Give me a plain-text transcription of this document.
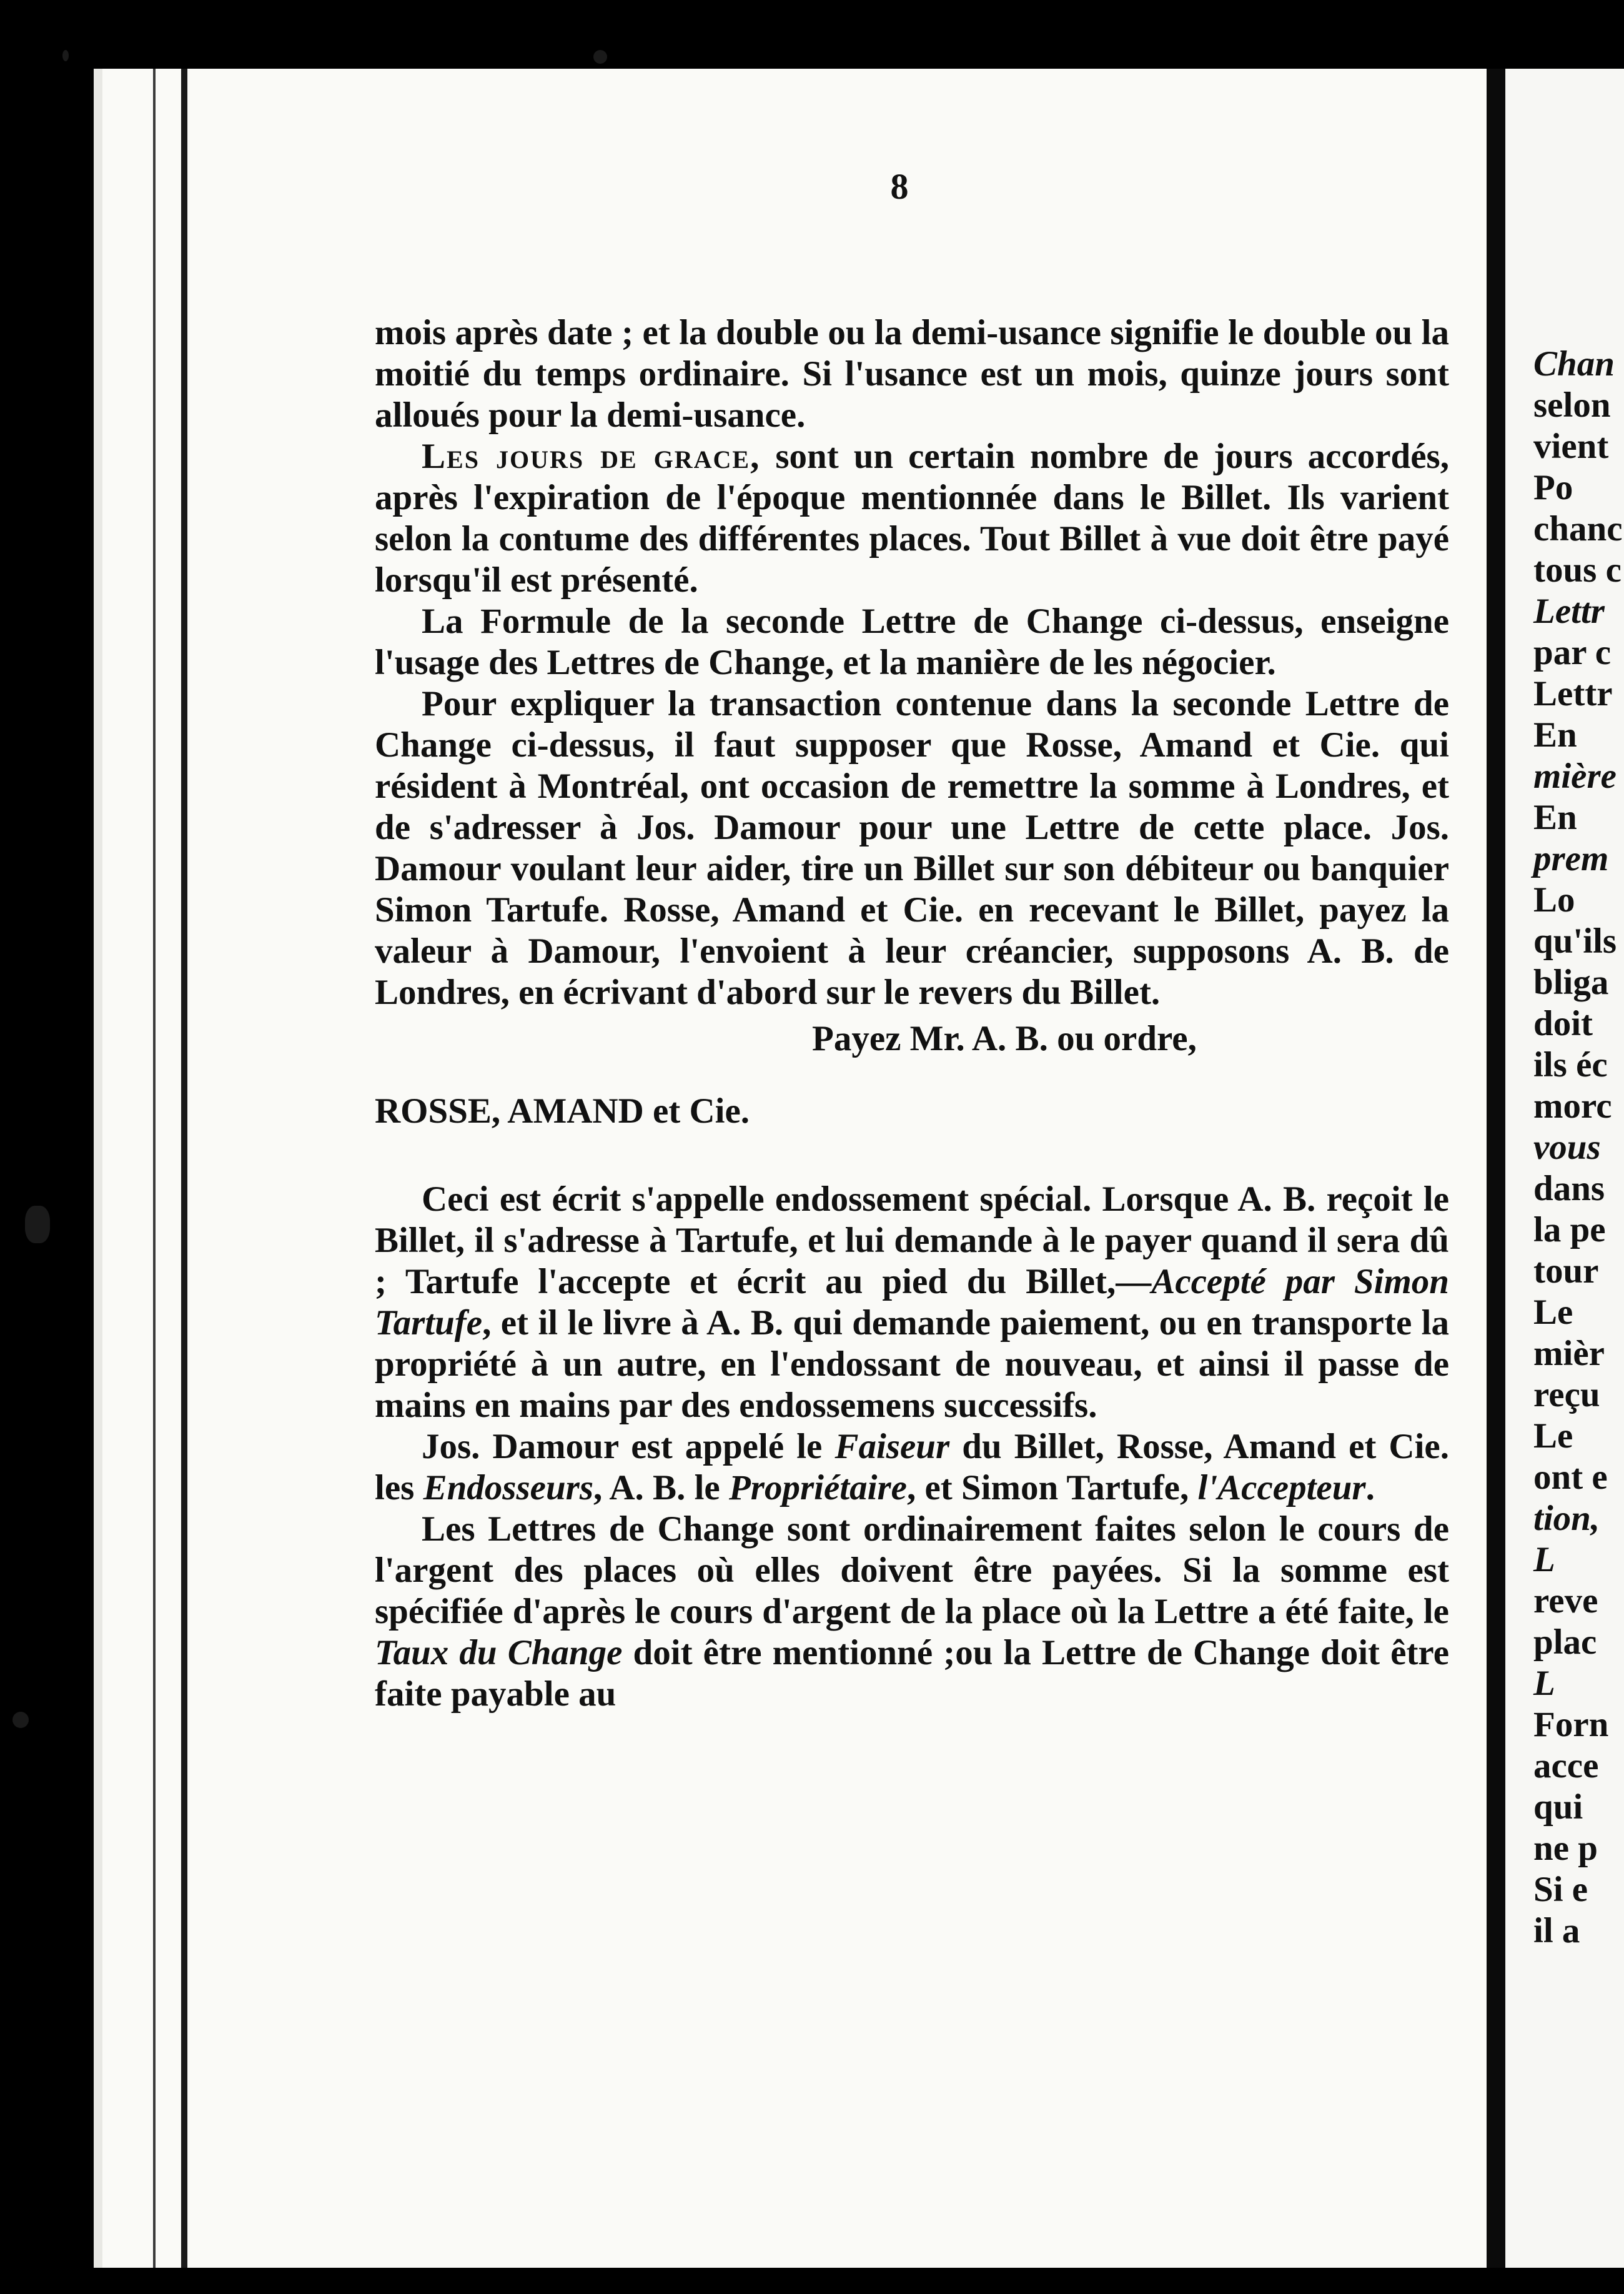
Chan
selon
vient
Po
chanc
tous c
Lettr
par c
Lettr
En
mière
En
prem
Lo
qu'ils
bliga
doit
ils éc
morc
vous
dans
la pe
tour
Le
mièr
reçu
Le
ont e
tion,
L
reve
plac
L
Forn
acce
qui
ne p
Si e
il a
8

mois après date ; et la double ou la demi-usance signifie le double ou la moitié du temps ordinaire. Si l'usance est un mois, quinze jours sont alloués pour la demi-usance.

Les jours de grace, sont un certain nombre de jours accordés, après l'expiration de l'époque mentionnée dans le Billet. Ils varient selon la contume des différentes places. Tout Billet à vue doit être payé lorsqu'il est présenté.

La Formule de la seconde Lettre de Change ci-dessus, enseigne l'usage des Lettres de Change, et la manière de les négocier.

Pour expliquer la transaction contenue dans la seconde Lettre de Change ci-dessus, il faut supposer que Rosse, Amand et Cie. qui résident à Montréal, ont occasion de remettre la somme à Londres, et de s'adresser à Jos. Damour pour une Lettre de cette place. Jos. Damour voulant leur aider, tire un Billet sur son débiteur ou banquier Simon Tartufe. Rosse, Amand et Cie. en recevant le Billet, payez la valeur à Damour, l'envoient à leur créancier, supposons A. B. de Londres, en écrivant d'abord sur le revers du Billet.

Payez Mr. A. B. ou ordre,

ROSSE, AMAND et Cie.

Ceci est écrit s'appelle endossement spécial. Lorsque A. B. reçoit le Billet, il s'adresse à Tartufe, et lui demande à le payer quand il sera dû ; Tartufe l'accepte et écrit au pied du Billet,—Accepté par Simon Tartufe, et il le livre à A. B. qui demande paiement, ou en transporte la propriété à un autre, en l'endossant de nouveau, et ainsi il passe de mains en mains par des endossemens successifs.

Jos. Damour est appelé le Faiseur du Billet, Rosse, Amand et Cie. les Endosseurs, A. B. le Propriétaire, et Simon Tartufe, l'Accepteur.

Les Lettres de Change sont ordinairement faites selon le cours de l'argent des places où elles doivent être payées. Si la somme est spécifiée d'après le cours d'argent de la place où la Lettre a été faite, le Taux du Change doit être mentionné ;ou la Lettre de Change doit être faite payable au
